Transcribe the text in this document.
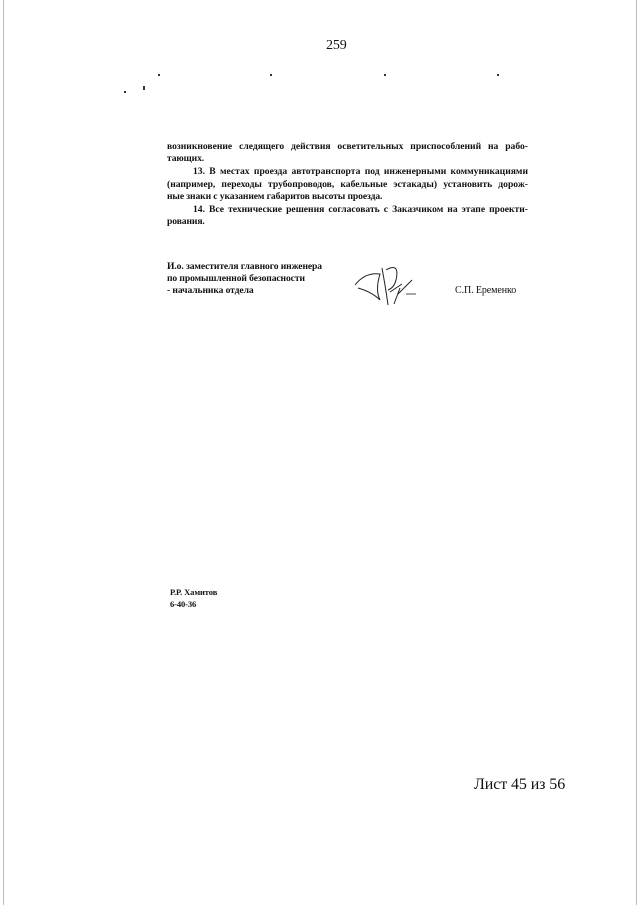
259
возникновение следящего действия осветительных приспособлений на рабо-
тающих.
13. В местах проезда автотранспорта под инженерными коммуникациями
(например, переходы трубопроводов, кабельные эстакады) установить дорож-
ные знаки с указанием габаритов высоты проезда.
14. Все технические решения согласовать с Заказчиком на этапе проекти-
рования.
И.о. заместителя главного инженера
по промышленной безопасности
- начальника отдела	С.П. Еременко
Р.Р. Хамитов
6-40-36
Лист 45 из 56
